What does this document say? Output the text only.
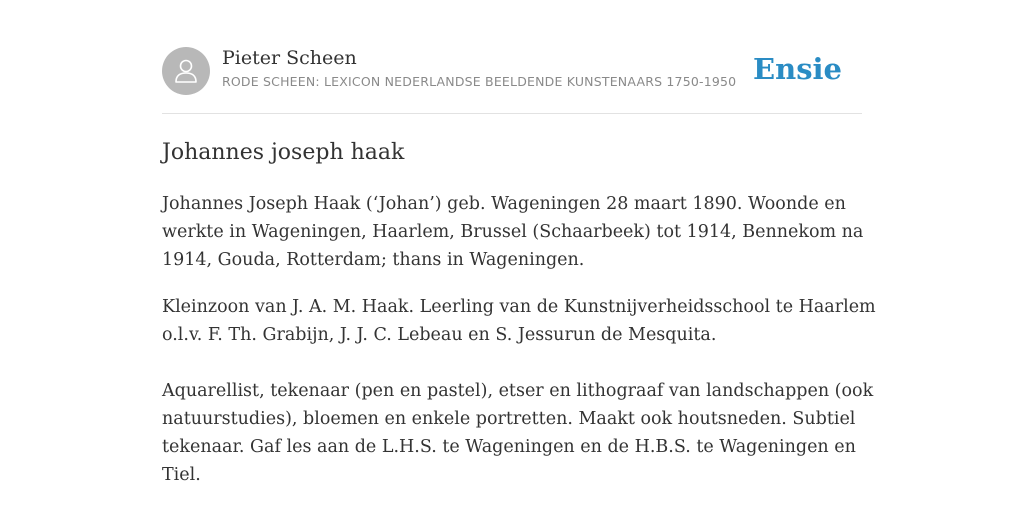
Pieter Scheen
RODE SCHEEN: LEXICON NEDERLANDSE BEELDENDE KUNSTENAARS 1750-1950 Ensie
Johannes joseph haak

Johannes Joseph Haak (‘Johan’) geb. Wageningen 28 maart 1890. Woonde en
werkte in Wageningen, Haarlem, Brussel (Schaarbeek) tot 1914, Bennekom na
1914, Gouda, Rotterdam; thans in Wageningen.

Kleinzoon van J. A. M. Haak. Leerling van de Kunstnijverheidsschool te Haarlem
o.l.v. F. Th. Grabijn, J. J. C. Lebeau en S. Jessurun de Mesquita.

Aquarellist, tekenaar (pen en pastel), etser en lithograaf van landschappen (ook
natuurstudies), bloemen en enkele portretten. Maakt ook houtsneden. Subtiel
tekenaar. Gaf les aan de L.H.S. te Wageningen en de H.B.S. te Wageningen en
Tiel.
